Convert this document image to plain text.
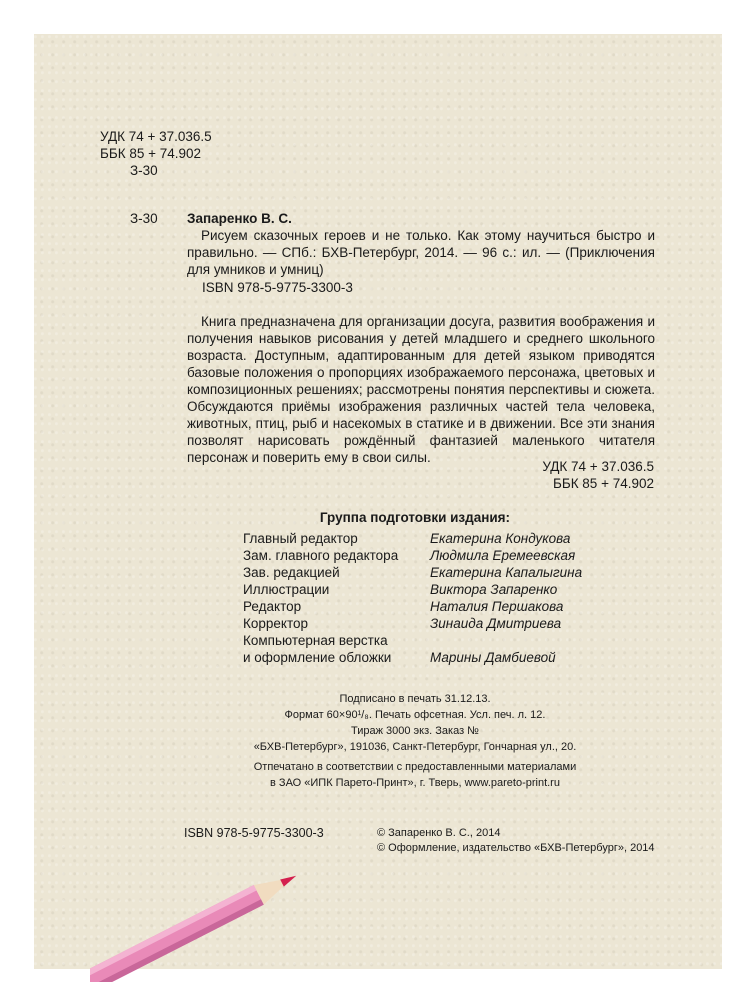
УДК 74 + 37.036.5
ББК 85 + 74.902
З-30
З-30 Запаренко В. С.
Рисуем сказочных героев и не только. Как этому научиться быстро и правильно. — СПб.: БХВ-Петербург, 2014. — 96 с.: ил. — (Приключения для умников и умниц)
ISBN 978-5-9775-3300-3
Книга предназначена для организации досуга, развития воображения и получения навыков рисования у детей младшего и среднего школьного возраста. Доступным, адаптированным для детей языком приводятся базовые положения о пропорциях изображаемого персонажа, цветовых и композиционных решениях; рассмотрены понятия перспективы и сюжета. Обсуждаются приёмы изображения различных частей тела человека, животных, птиц, рыб и насекомых в статике и в движении. Все эти знания позволят нарисовать рождённый фантазией маленького читателя персонаж и поверить ему в свои силы.
УДК 74 + 37.036.5
ББК 85 + 74.902
Группа подготовки издания:
Главный редактор	Екатерина Кондукова
Зам. главного редактора Людмила Еремеевская
Зав. редакцией	Екатерина Капалыгина
Иллюстрации	Виктора Запаренко
Редактор	Наталия Першакова
Корректор	Зинаида Дмитриева
Компьютерная верстка
и оформление обложки	Марины Дамбиевой
Подписано в печать 31.12.13.
Формат 60×90¹/₈. Печать офсетная. Усл. печ. л. 12.
Тираж 3000 экз. Заказ №
«БХВ-Петербург», 191036, Санкт-Петербург, Гончарная ул., 20.
Отпечатано в соответствии с предоставленными материалами
в ЗАО «ИПК Парето-Принт», г. Тверь, www.pareto-print.ru
ISBN 978-5-9775-3300-3	© Запаренко В. С., 2014
© Оформление, издательство «БХВ-Петербург», 2014
